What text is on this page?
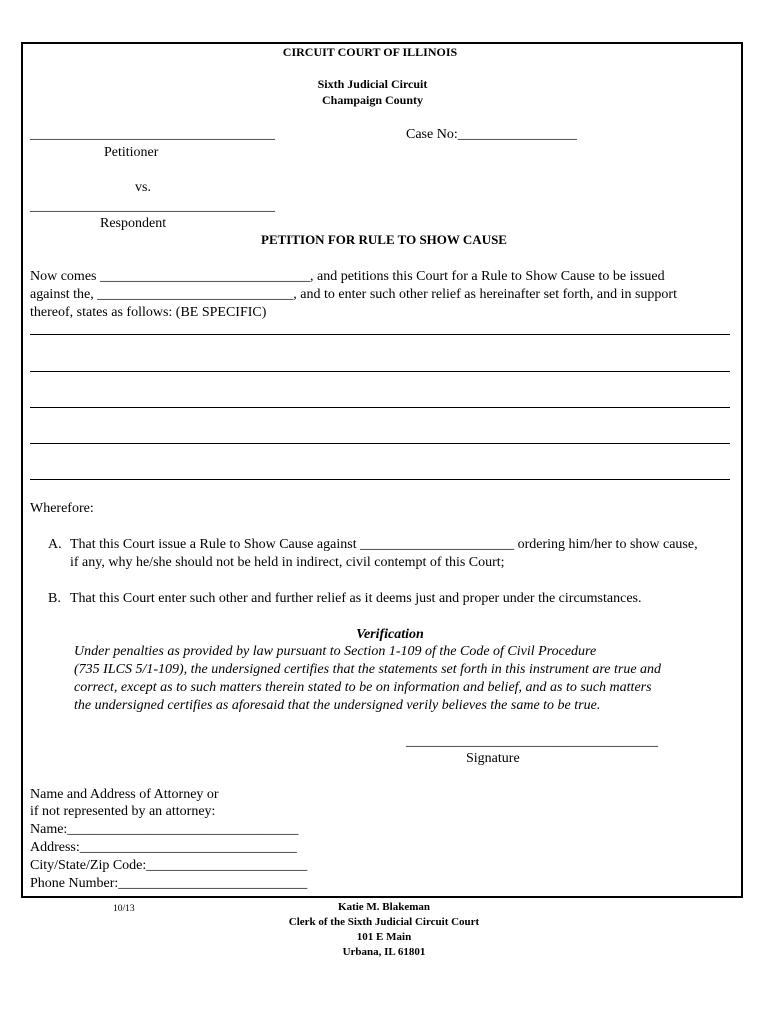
CIRCUIT COURT OF ILLINOIS
Sixth Judicial Circuit
Champaign County
___________________________________
Petitioner
Case No:_________________
vs.
___________________________________
Respondent
PETITION FOR RULE TO SHOW CAUSE
Now comes ______________________________, and petitions this Court for a Rule to Show Cause to be issued
against the, ____________________________, and to enter such other relief as hereinafter set forth, and in support
thereof, states as follows: (BE SPECIFIC)
Wherefore:
A. That this Court issue a Rule to Show Cause against ______________________ ordering him/her to show cause,
if any, why he/she should not be held in indirect, civil contempt of this Court;
B. That this Court enter such other and further relief as it deems just and proper under the circumstances.
Verification
Under penalties as provided by law pursuant to Section 1-109 of the Code of Civil Procedure
(735 ILCS 5/1-109), the undersigned certifies that the statements set forth in this instrument are true and
correct, except as to such matters therein stated to be on information and belief, and as to such matters
the undersigned certifies as aforesaid that the undersigned verily believes the same to be true.
____________________________________
Signature
Name and Address of Attorney or
if not represented by an attorney:
Name:_________________________________
Address:_______________________________
City/State/Zip Code:_______________________
Phone Number:___________________________
10/13	Katie M. Blakeman
Clerk of the Sixth Judicial Circuit Court
101 E Main
Urbana, IL 61801
